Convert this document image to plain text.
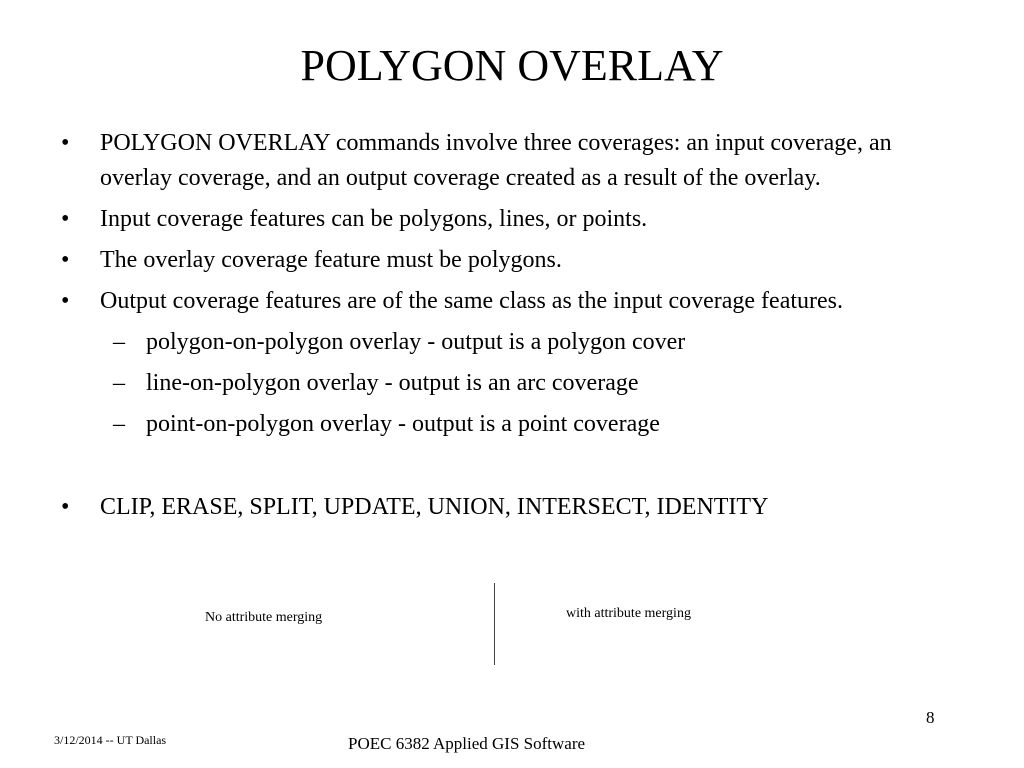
POLYGON OVERLAY
• POLYGON OVERLAY commands involve three coverages: an input coverage, an overlay coverage, and an output coverage created as a result of the overlay.
• Input coverage features can be polygons, lines, or points.
• The overlay coverage feature must be polygons.
• Output coverage features are of the same class as the input coverage features.
– polygon-on-polygon overlay - output is a polygon cover
– line-on-polygon overlay - output is an arc coverage
– point-on-polygon overlay - output is a point coverage
• CLIP, ERASE, SPLIT, UPDATE, UNION, INTERSECT, IDENTITY
No attribute merging	with attribute merging
3/12/2014 -- UT Dallas	POEC 6382 Applied GIS Software
8
